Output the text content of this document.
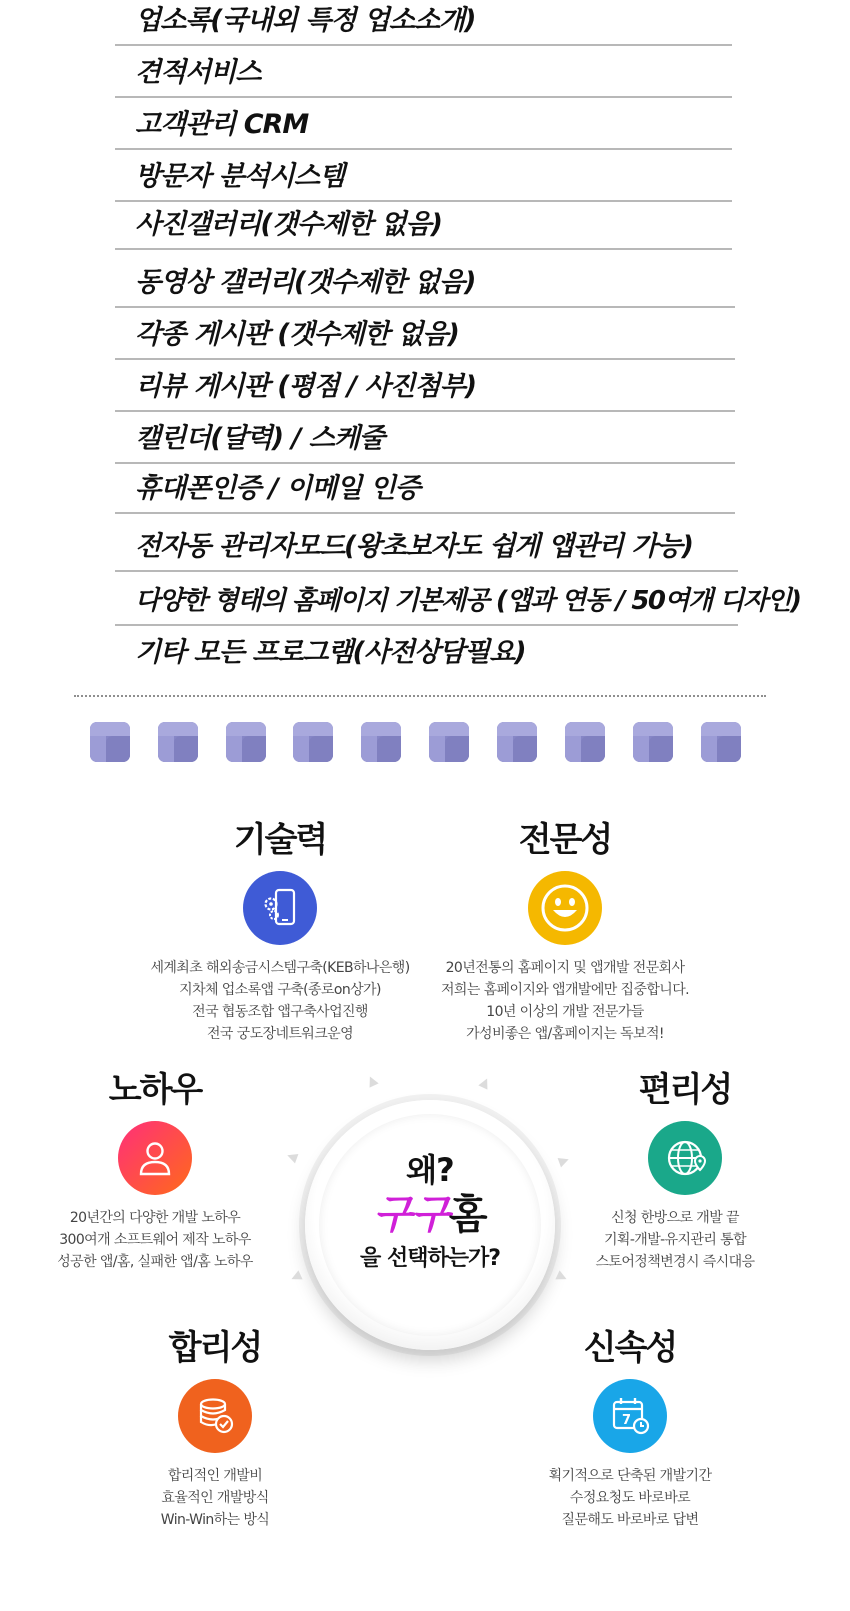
업소록(국내외 특정 업소소개)
견적서비스
고객관리 CRM
방문자 분석시스템
사진갤러리(갯수제한 없음)
동영상 갤러리(갯수제한 없음)
각종 게시판 (갯수제한 없음)
리뷰 게시판 (평점 / 사진첨부)
캘린더(달력) / 스케줄
휴대폰인증 / 이메일 인증
전자동 관리자모드(왕초보자도 쉽게 앱관리 가능)
다양한 형태의 홈페이지 기본제공 (앱과 연동 / 50여개 디자인)
기타 모든 프로그램(사전상담필요)
기술력

세계최초 해외송금시스템구축(KEB하나은행)

지차체 업소록앱 구축(종로on상가)

전국 협동조합 앱구축사업진행

전국 궁도장네트워크운영

전문성

20년전통의 홈페이지 및 앱개발 전문회사

저희는 홈페이지와 앱개발에만 집중합니다.

10년 이상의 개발 전문가들

가성비좋은 앱/홈페이지는 독보적!

노하우

20년간의 다양한 개발 노하우

300여개 소프트웨어 제작 노하우

성공한 앱/홈, 실패한 앱/홈 노하우

편리성

신청 한방으로 개발 끝

기획-개발-유지관리 통합

스토어정책변경시 즉시대응

왜?
구구홈
을 선택하는가?
합리성

합리적인 개발비

효율적인 개발방식

Win-Win하는 방식

신속성
7

획기적으로 단축된 개발기간

수정요청도 바로바로

질문해도 바로바로 답변
